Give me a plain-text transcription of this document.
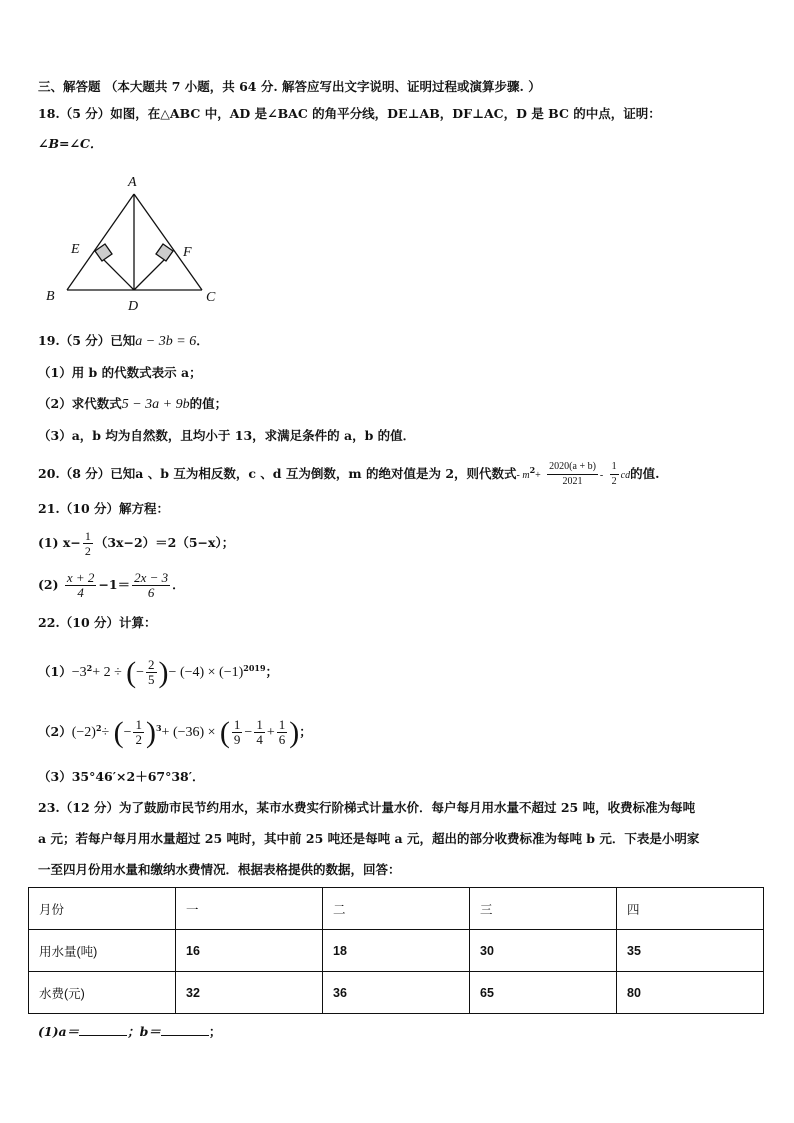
三、解答题 （本大题共 7 小题，共 64 分. 解答应写出文字说明、证明过程或演算步骤. ）
18.（5 分）如图，在△ABC 中，AD 是∠BAC 的角平分线，DE⊥AB，DF⊥AC，D 是 BC 的中点，证明：
∠B=∠C．
A
B	C
D
E	F
19.（5 分）已知a − 3b = 6．
（1）用 b 的代数式表示 a；
（2）求代数式5 − 3a + 9b的值；
（3）a，b 均为自然数，且均小于 13，求满足条件的 a，b 的值．
20.（8 分）已知a 、b 互为相反数，c 、d 互为倒数，m 的绝对值是为 2，则代数式- $m^2+ \frac{2020(a + b)}{2021} - \frac{1}{2}$ cd的值.
21.（10 分）解方程：
(1) $x- \frac{1}{2} (3x-2)=2(5-x)$；
$(2) \frac{x + 2}{4} -1= \frac{2x - 3}{6}$ ．
22.（10 分）计算：
$(1)-3^2+ 2$ ÷ (− $\frac{2}{5}$ )− $(-4) \times (-1)^{2019}$；
$(2)(-2)^2\div$ (− $\frac{1}{2} )^3+ (-36)$ × ( $\frac{1}{9} - \frac{1}{4} + \frac{1}{6}$ )；
（3）35°46′×2＋67°38′．
23.（12 分）为了鼓励市民节约用水，某市水费实行阶梯式计量水价．每户每月用水量不超过 25 吨，收费标准为每吨
a 元；若每户每月用水量超过 25 吨时，其中前 25 吨还是每吨 a 元，超出的部分收费标准为每吨 b 元．下表是小明家
一至四月份用水量和缴纳水费情况．根据表格提供的数据，回答：
月份	一	二	三	四
用水量(吨)	16	18	30	35
水费(元)	32	36	65	80
(1)a＝	；b＝	；
